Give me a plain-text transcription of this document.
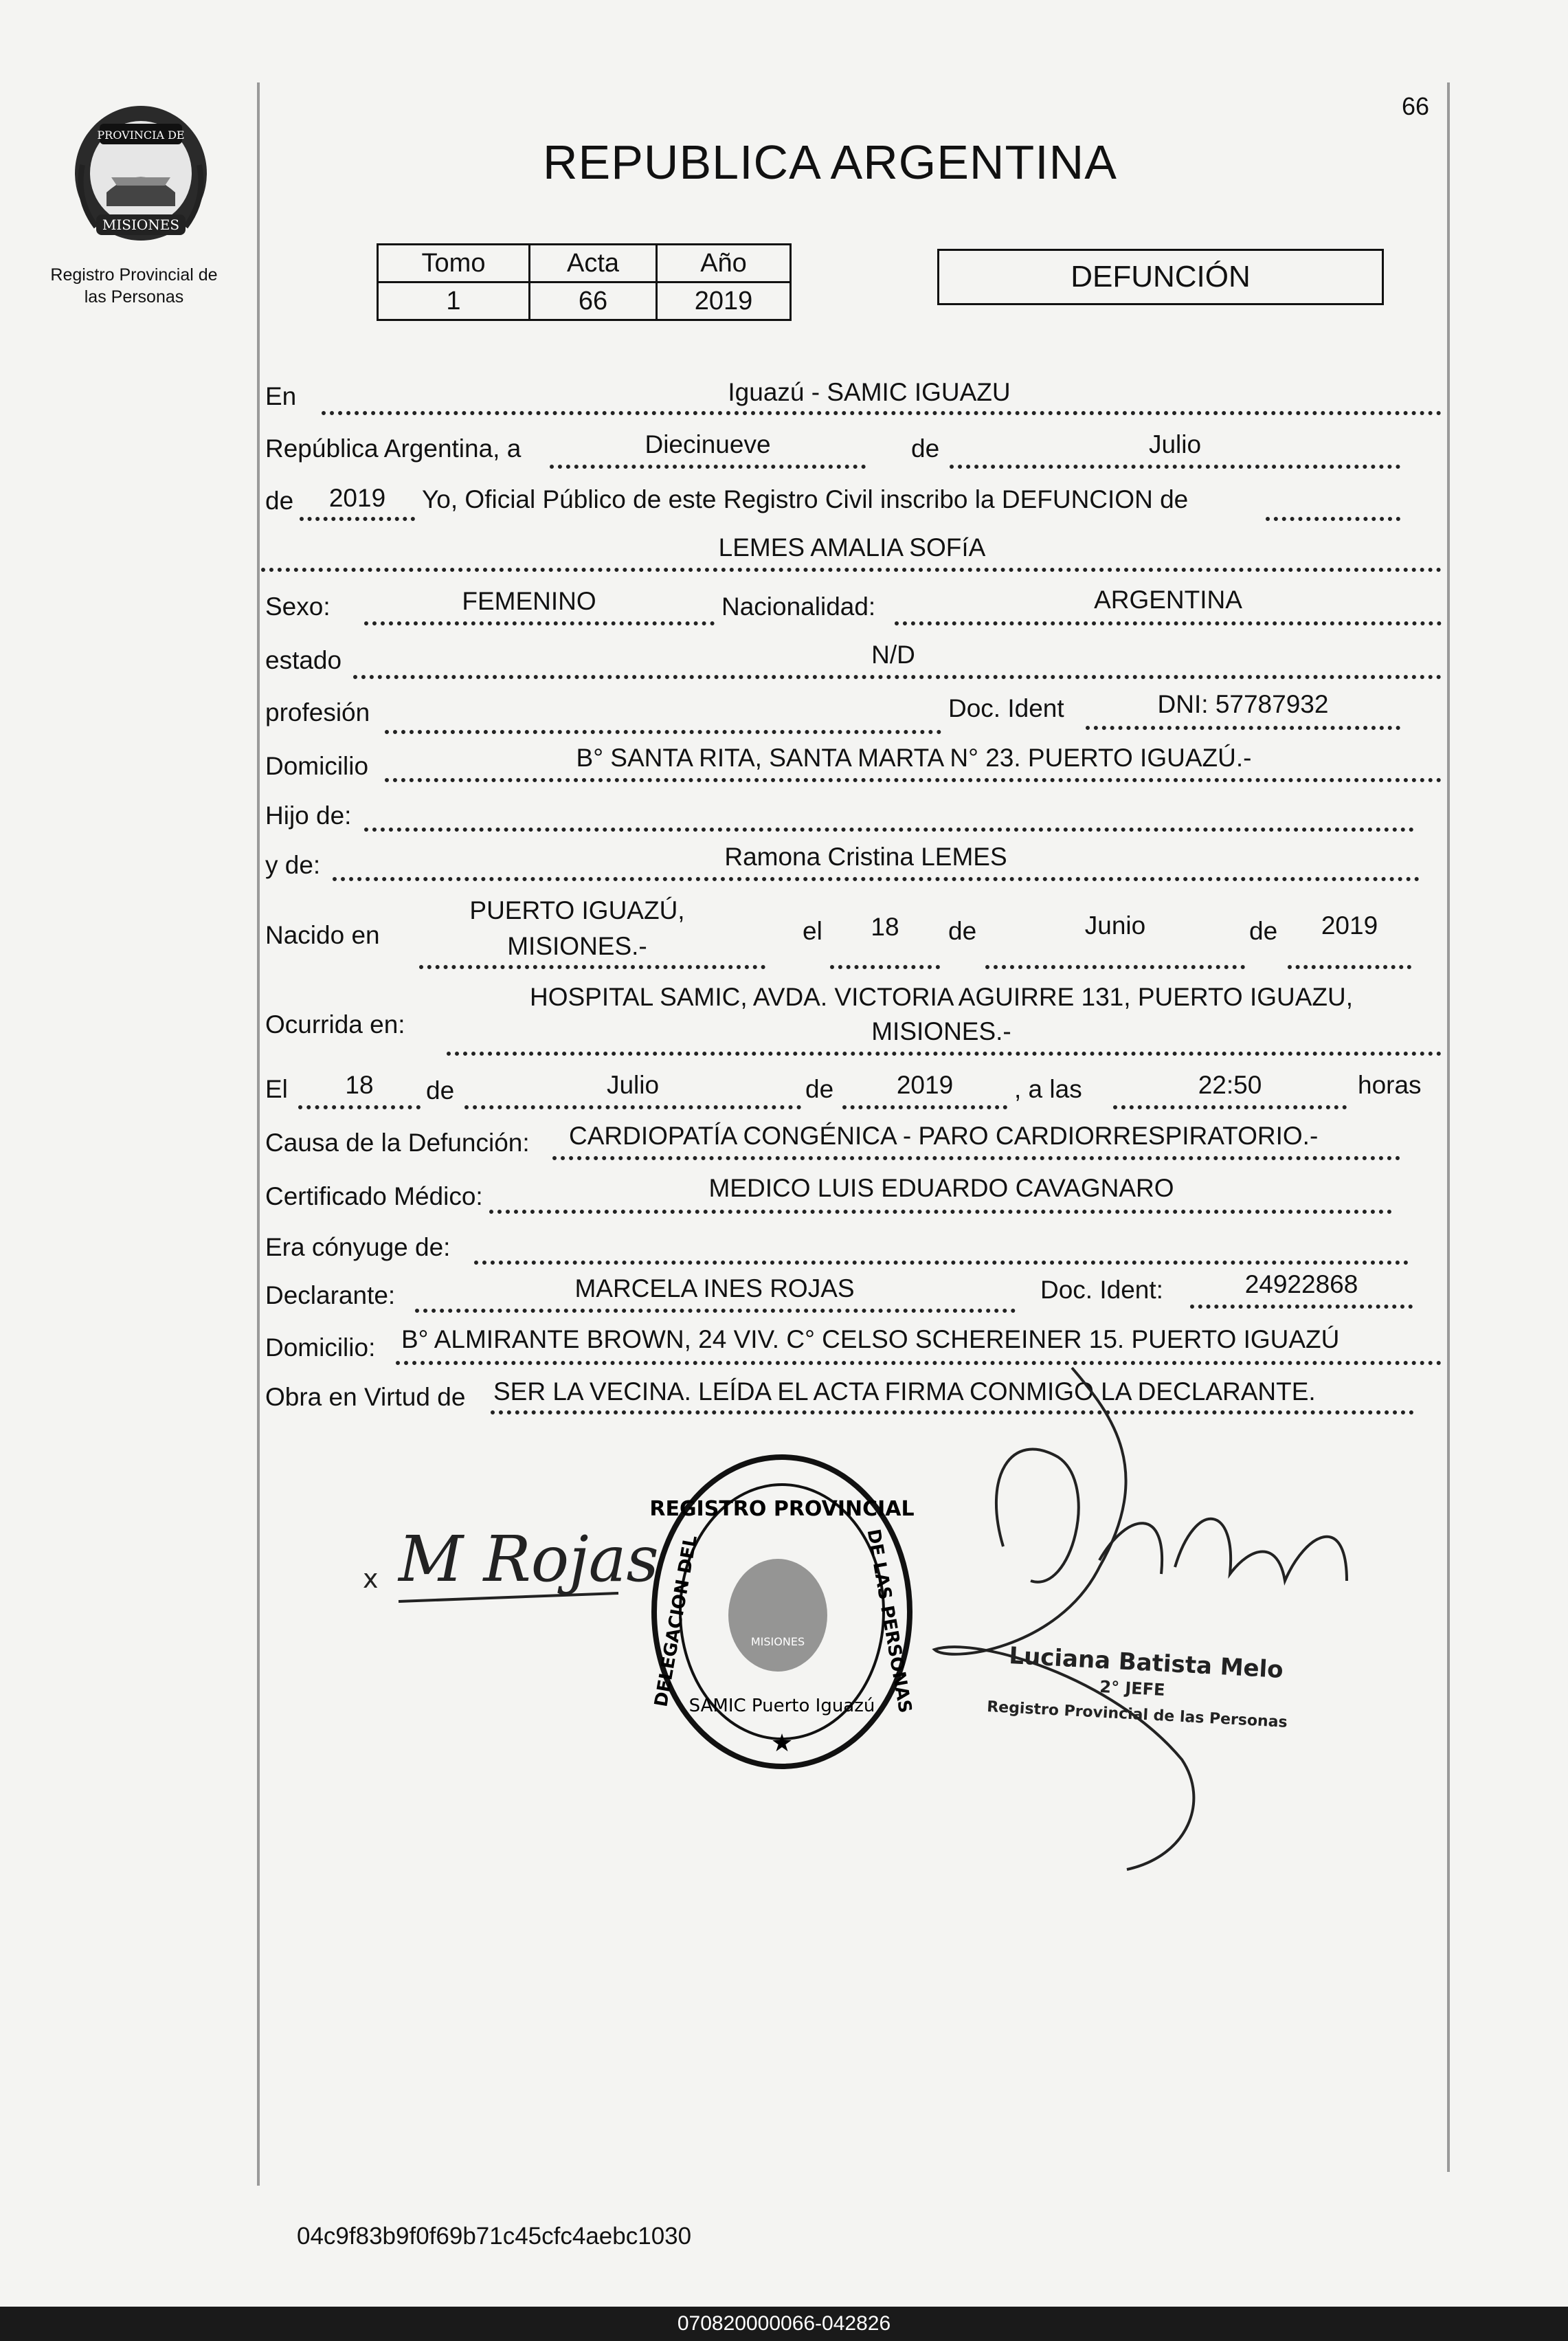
PROVINCIA DE
MISIONES
Registro Provincial de
las Personas
66
REPUBLICA ARGENTINA
Tomo	Acta	Año
1	66	2019
DEFUNCIÓN
En	Iguazú - SAMIC IGUAZU
República Argentina, a	Diecinueve	de	Julio
de	2019	Yo, Oficial Público de este Registro Civil inscribo la DEFUNCION de
LEMES AMALIA SOFíA
Sexo:	FEMENINO	Nacionalidad:	ARGENTINA
estado	N/D
profesión	Doc. Ident	DNI: 57787932
Domicilio	B° SANTA RITA, SANTA MARTA N° 23. PUERTO IGUAZÚ.-
Hijo de:
y de:	Ramona Cristina LEMES
Nacido en
PUERTO IGUAZÚ,
MISIONES.-
el	18	de	Junio	de	2019
Ocurrida en:
HOSPITAL SAMIC, AVDA. VICTORIA AGUIRRE 131, PUERTO IGUAZU,
MISIONES.-
El	18	de	Julio	de	2019	, a las	22:50	horas
Causa de la Defunción: CARDIOPATÍA CONGÉNICA - PARO CARDIORRESPIRATORIO.-
Certificado Médico:	MEDICO LUIS EDUARDO CAVAGNARO
Era cónyuge de:
Declarante:	MARCELA INES ROJAS	Doc. Ident:	24922868
Domicilio: B° ALMIRANTE BROWN, 24 VIV. C° CELSO SCHEREINER 15. PUERTO IGUAZÚ
Obra en Virtud de SER LA VECINA. LEÍDA EL ACTA FIRMA CONMIGO LA DECLARANTE.
x M Rojas
REGISTRO PROVINCIAL
DELEGACION DEL	DE LAS PERSONAS
MISIONES
SAMIC Puerto Iguazú
★
Luciana Batista Melo
2° JEFE
Registro Provincial de las Personas
04c9f83b9f0f69b71c45cfc4aebc1030
070820000066-042826
